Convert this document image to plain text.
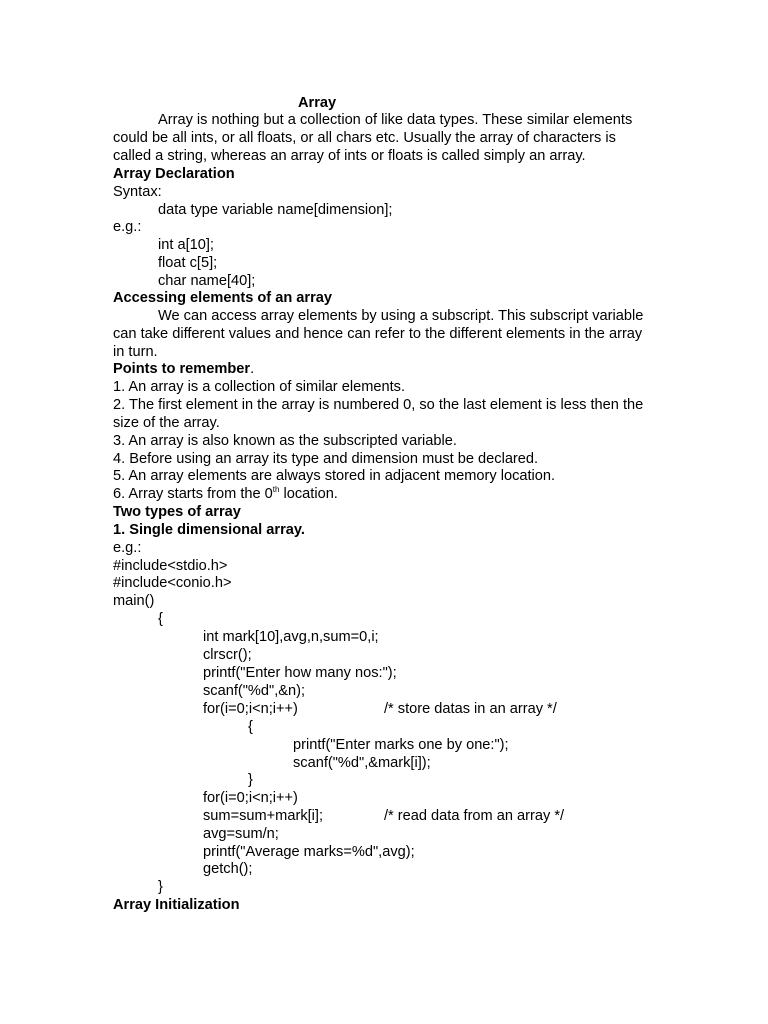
Array
Array is nothing but a collection of like data types. These similar elements
could be all ints, or all floats, or all chars etc. Usually the array of characters is
called a string, whereas an array of ints or floats is called simply an array.
Array Declaration
Syntax:
data type variable name[dimension];
e.g.:
int a[10];
float c[5];
char name[40];
Accessing elements of an array
We can access array elements by using a subscript. This subscript variable
can take different values and hence can refer to the different elements in the array
in turn.
Points to remember.
1. An array is a collection of similar elements.
2. The first element in the array is numbered 0, so the last element is less then the
size of the array.
3. An array is also known as the subscripted variable.
4. Before using an array its type and dimension must be declared.
5. An array elements are always stored in adjacent memory location.
6. Array starts from the 0th location.
Two types of array
1. Single dimensional array.
e.g.:
#include<stdio.h>
#include<conio.h>
main()
{
int mark[10],avg,n,sum=0,i;
clrscr();
printf("Enter how many nos:");
scanf("%d",&n);
for(i=0;i<n;i++)	/* store datas in an array */
{
printf("Enter marks one by one:");
scanf("%d",&mark[i]);
}
for(i=0;i<n;i++)
sum=sum+mark[i];	/* read data from an array */
avg=sum/n;
printf("Average marks=%d",avg);
getch();
}
Array Initialization
